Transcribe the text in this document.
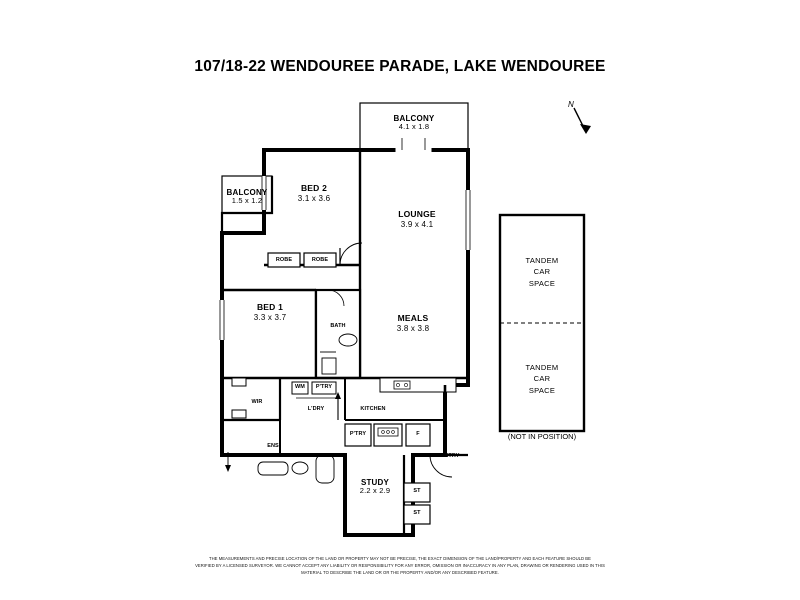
107/18-22 WENDOUREE PARADE, LAKE WENDOUREE
N
BALCONY
4.1 x 1.8
BALCONY
1.5 x 1.2
BED 2
3.1 x 3.6
LOUNGE
3.9 x 4.1
BED 1
3.3 x 3.7	MEALS
3.8 x 3.8
STUDY
2.2 x 2.9
ROBE	ROBE
BATH
WM	P'TRY
L'DRY	KITCHEN
WIR
P'TRY	F
ENS
ENTRY
ST
ST
TANDEM
CAR
SPACE
TANDEM
CAR
SPACE
(NOT IN POSITION)
THE MEASUREMENTS AND PRECISE LOCATION OF THE LAND OR PROPERTY MAY NOT BE PRECISE, THE EXACT DIMENSION OF THE LAND/PROPERTY AND EACH FEATURE SHOULD BE
VERIFIED BY A LICENSED SURVEYOR. WE CANNOT ACCEPT ANY LIABILITY OR RESPONSIBILITY FOR ANY ERROR, OMISSION OR INACCURACY IN ANY PLAN, DRAWING OR RENDERING USED IN THIS
MATERIAL TO DESCRIBE THE LAND OR OR THE PROPERTY AND/OR ANY DESCRIBED FEATURE.
